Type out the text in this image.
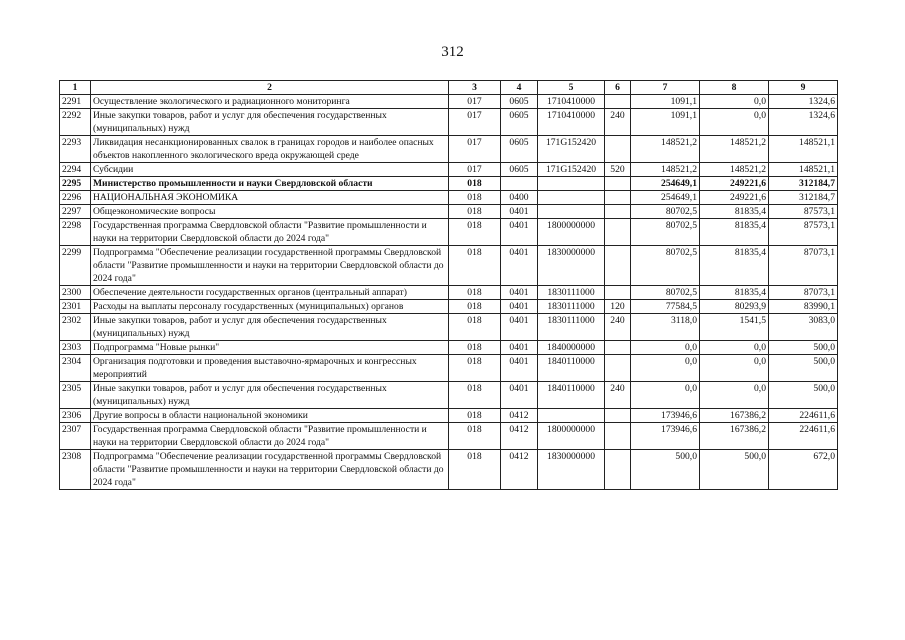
312
1	2	3	4	5	6	7	8	9
2291	Осуществление экологического и радиационного мониторинга	017	0605	1710410000		1091,1	0,0	1324,6
2292	Иные закупки товаров, работ и услуг для обеспечения государственных (муниципальных) нужд	017	0605	1710410000	240	1091,1	0,0	1324,6
2293	Ликвидация несанкционированных свалок в границах городов и наиболее опасных объектов накопленного экологического вреда окружающей среде	017	0605	171G152420		148521,2	148521,2	148521,1
2294	Субсидии	017	0605	171G152420	520	148521,2	148521,2	148521,1
2295	Министерство промышленности и науки Свердловской области	018				254649,1	249221,6	312184,7
2296	НАЦИОНАЛЬНАЯ ЭКОНОМИКА	018	0400			254649,1	249221,6	312184,7
2297	Общеэкономические вопросы	018	0401			80702,5	81835,4	87573,1
2298	Государственная программа Свердловской области "Развитие промышленности и науки на территории Свердловской области до 2024 года"	018	0401	1800000000		80702,5	81835,4	87573,1
2299	Подпрограмма "Обеспечение реализации государственной программы Свердловской области "Развитие промышленности и науки на территории Свердловской области до 2024 года"	018	0401	1830000000		80702,5	81835,4	87073,1
2300	Обеспечение деятельности государственных органов (центральный аппарат)	018	0401	1830111000		80702,5	81835,4	87073,1
2301	Расходы на выплаты персоналу государственных (муниципальных) органов	018	0401	1830111000	120	77584,5	80293,9	83990,1
2302	Иные закупки товаров, работ и услуг для обеспечения государственных (муниципальных) нужд	018	0401	1830111000	240	3118,0	1541,5	3083,0
2303	Подпрограмма "Новые рынки"	018	0401	1840000000		0,0	0,0	500,0
2304	Организация подготовки и проведения выставочно-ярмарочных и конгрессных мероприятий	018	0401	1840110000		0,0	0,0	500,0
2305	Иные закупки товаров, работ и услуг для обеспечения государственных (муниципальных) нужд	018	0401	1840110000	240	0,0	0,0	500,0
2306	Другие вопросы в области национальной экономики	018	0412			173946,6	167386,2	224611,6
2307	Государственная программа Свердловской области "Развитие промышленности и науки на территории Свердловской области до 2024 года"	018	0412	1800000000		173946,6	167386,2	224611,6
2308	Подпрограмма "Обеспечение реализации государственной программы Свердловской области "Развитие промышленности и науки на территории Свердловской области до 2024 года"	018	0412	1830000000		500,0	500,0	672,0
